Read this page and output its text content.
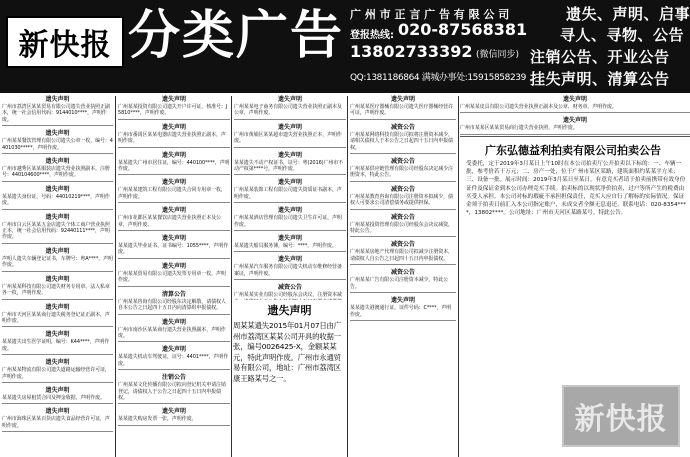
新快报 分类广告 广 州 市 正 言 广 告 有 限 公 司
登报热线: 020-87568381
13802733392 (微信同步)
QQ:1381186864 满城办事处:15915858239
遗失、声明、启事
寻人、寻物、公告
注销公告、开业公告
挂失声明、清算公告
遗失声明
广州市荔湾区某某贸易有限公司遗失营业执照正副本，统一社会信用代码：9144010****，声明作废。
遗失声明
广州某某餐饮管理有限公司遗失公章一枚，编号：4401030*****，声明作废。
遗失声明
广州市越秀区某某服装店遗失营业执照副本，注册号：440104600****，声明作废。
遗失声明
某某遗失身份证，号码：44010219****，声明作废。
遗失声明
广州市白云区某某五金店遗失个体工商户营业执照正本，统一社会信用代码：92440111****，声明作废。
遗失声明
声明人遗失车辆登记证书，车牌号：粤A****，声明作废。
遗失声明
广州某某科技有限公司遗失财务专用章、法人私章各一枚，声明作废。
遗失声明
广州市天河区某某商行遗失税务登记证正副本，声明作废。
遗失声明
某某遗失出生医学证明，编号：K44****，声明作废。
遗失声明
广州某某物流有限公司遗失道路运输经营许可证，声明作废。
遗失声明
某某遗失房屋租赁合同及押金收据，声明作废。
遗失声明
广州市海珠区某某百货店遗失食品经营许可证，声明作废。
遗失声明
广州某某投资有限公司遗失开户许可证，核准号：J5810****，声明作废。
遗失声明
广州市番禺区某某电器店遗失营业执照正副本，声明作废。
遗失声明
某某遗失广州市居住证，编号：440100****，声明作废。
遗失声明
广州某某建筑工程有限公司遗失合同专用章一枚，声明作废。
遗失声明
广州市花都区某某餐饮店遗失营业执照正本及公章，声明作废。
遗失声明
某某遗失毕业证书，证书编号：1055****，声明作废。
遗失声明
广州某某贸易有限公司遗失发票专用章一枚，声明作废。
清算公告
广州某某咨询有限公司经股东决定解散，请债权人自本公告之日起四十五日内向清算组申报债权。
遗失声明
广州市南沙区某某商行遗失营业执照副本，声明作废。
遗失声明
某某遗失机动车驾驶证，证号：4401****，声明作废。
注销公告
广州某某文化传播有限公司拟向登记机关申请注销登记，请债权人于公告之日起四十五日内申报债权。
遗失声明
某某遗失购房发票一张，声明作废。
遗失声明
广州某某电子商务有限公司遗失营业执照正副本及公章，声明作废。
遗失声明
广州市黄埔区某某超市遗失营业执照正本，声明作废。
遗失声明
某某遗失不动产权证书，证号：粤(2016)广州市不动产权第****号，声明作废。
遗失声明
广州某某装饰工程有限公司遗失资质证书副本，声明作废。
遗失声明
广州某某酒店管理有限公司遗失卫生许可证，声明作废。
遗失声明
某某遗失船员服务簿，编号：****，声明作废。
遗失声明
广州某某汽车服务有限公司遗失机动车维修经营备案证，声明作废。
减资公告
广州某某实业有限公司经股东会决议，注册资本减
遗失声明
广州某某医疗器械有限公司遗失医疗器械经营许可证，声明作废。
减资公告
广州某某网络科技有限公司拟将注册资本减少，请相关债权人于本公告之日起四十五日内申报债权。
减资公告
广州某某供应链管理有限公司经股东决定减少注册资本，特此公告。
减资公告
广州某某教育咨询有限公司注册资本拟减少，债权人可要求公司清偿债务或提供担保。
减资公告
广州某某投资管理有限公司经股东会决议减资，特此公告。
减资公告
广州某某房地产代理有限公司拟减少注册资本，请债权人自公告之日起四十五日内申报债权。
减资公告
广州某某广告有限公司注册资本减少，特此公告。
遗失声明
某某遗失港澳通行证，证件号码：C****，声明作废。
遗失声明
广州某某皮具有限公司遗失营业执照正副本及公章、财务章，声明作废。
遗失声明
广州市某某区某某贸易商行遗失营业执照，声明作废。
遗失声明
周某某遗失2015年01月07日由广州市荔湾区某某公司开具的收据一张，编号0026425-X，金额某某元，特此声明作废。广州市永通贸易有限公司，地址：广州市荔湾区康王路某号之一。
广东弘德益利拍卖有限公司拍卖公告
受委托，定于2019年3月某日上午10时在本公司拍卖厅公开拍卖以下标的：一、车辆一批，参考价若干万元；二、房产一处，位于广州市某区某路，建筑面积约某某平方米；三、设备一批。展示时间：2019年3月某日至某日。有意竞买者请于拍卖前携带有效身份证件及保证金到本公司办理竞买手续。拍卖标的以现状净价拍卖，过户等所产生的税费由买受人承担。本公司对标的瑕疵不承担担保责任，竞买人应自行了解标的实际情况。保证金须于拍卖日前汇入本公司指定账户，未成交者全额无息退还。联系电话：020-8354****，13802****。公司地址：广州市天河区某路某号。特此公告。
新快报
